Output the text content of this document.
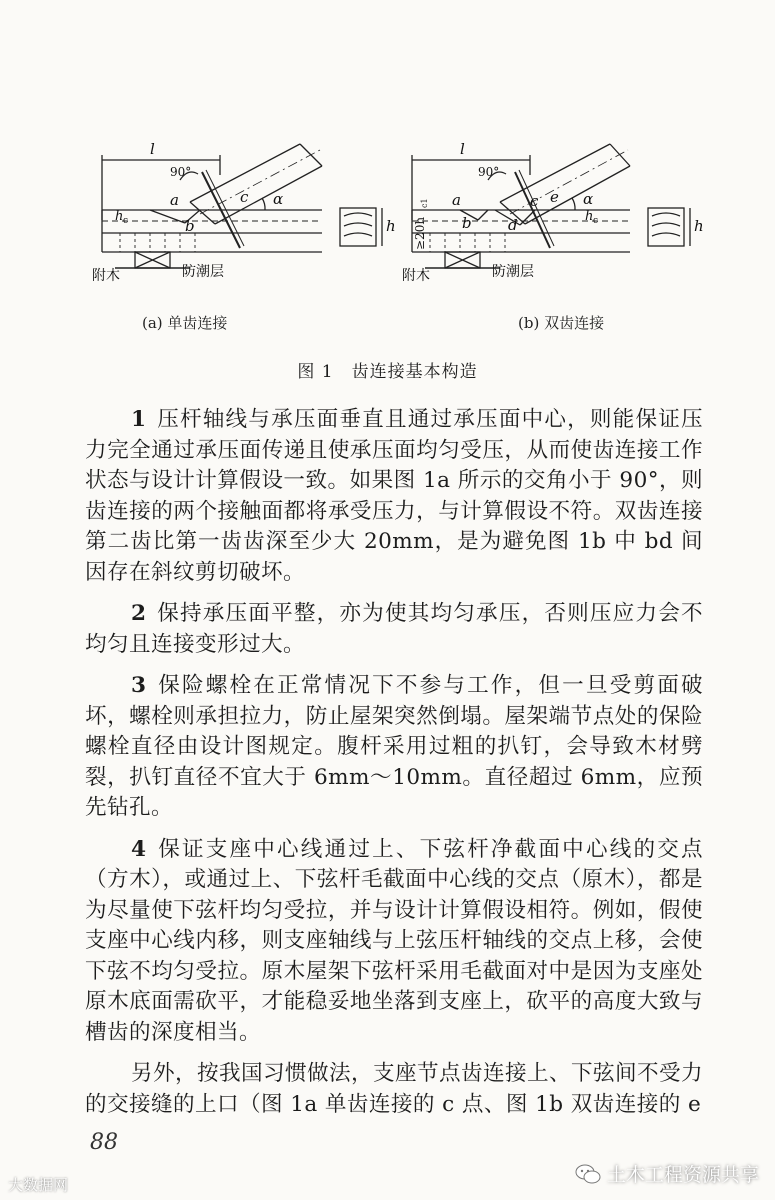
l
90°
a
b
c α
h c	h
附木	防潮层
l
90°
≥20h
c1 a
b
c
d
e α
h c	h
附木	防潮层
(a) 单齿连接	(b) 双齿连接
图 1　齿连接基本构造

1 压杆轴线与承压面垂直且通过承压面中心，则能保证压力完全通过承压面传递且使承压面均匀受压，从而使齿连接工作状态与设计计算假设一致。如果图 1a 所示的交角小于 90°，则齿连接的两个接触面都将承受压力，与计算假设不符。双齿连接第二齿比第一齿齿深至少大 20mm，是为避免图 1b 中 bd 间因存在斜纹剪切破坏。

2 保持承压面平整，亦为使其均匀承压，否则压应力会不均匀且连接变形过大。

3 保险螺栓在正常情况下不参与工作，但一旦受剪面破坏，螺栓则承担拉力，防止屋架突然倒塌。屋架端节点处的保险螺栓直径由设计图规定。腹杆采用过粗的扒钉，会导致木材劈裂，扒钉直径不宜大于 6mm～10mm。直径超过 6mm，应预先钻孔。

4 保证支座中心线通过上、下弦杆净截面中心线的交点（方木），或通过上、下弦杆毛截面中心线的交点（原木），都是为尽量使下弦杆均匀受拉，并与设计计算假设相符。例如，假使支座中心线内移，则支座轴线与上弦压杆轴线的交点上移，会使下弦不均匀受拉。原木屋架下弦杆采用毛截面对中是因为支座处原木底面需砍平，才能稳妥地坐落到支座上，砍平的高度大致与槽齿的深度相当。

另外，按我国习惯做法，支座节点齿连接上、下弦间不受力的交接缝的上口（图 1a 单齿连接的 c 点、图 1b 双齿连接的 e

88
大数据网	土木工程资源共享
